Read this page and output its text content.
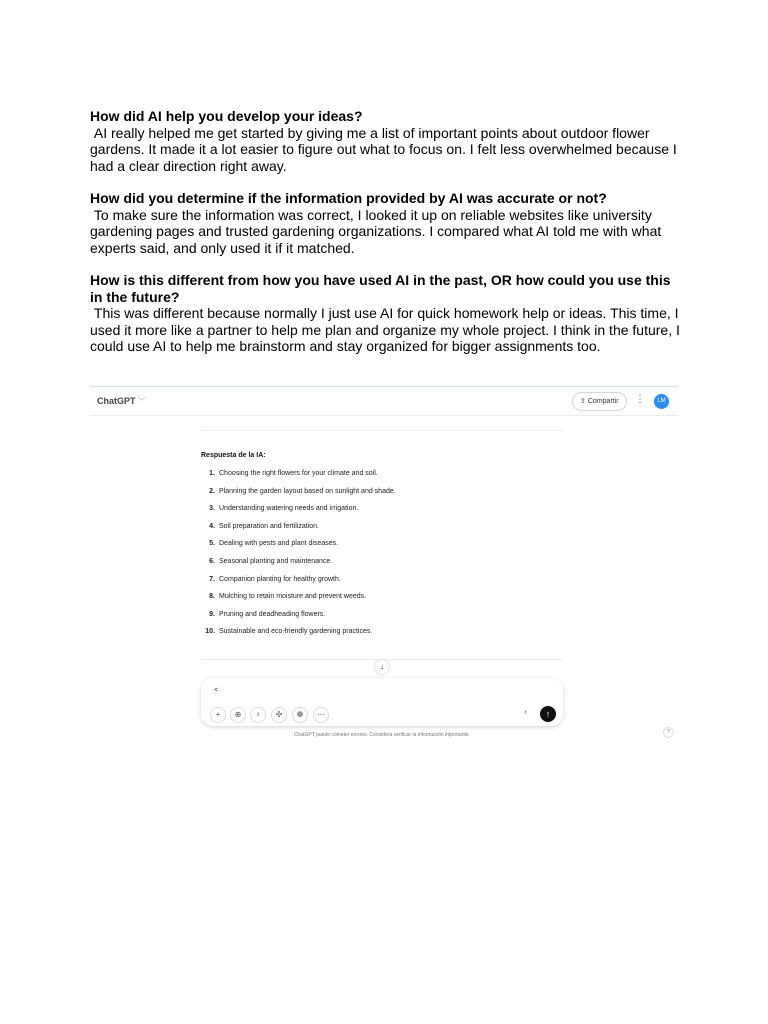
How did AI help you develop your ideas?

AI really helped me get started by giving me a list of important points about outdoor flower gardens. It made it a lot easier to figure out what to focus on. I felt less overwhelmed because I had a clear direction right away.

How did you determine if the information provided by AI was accurate or not?

To make sure the information was correct, I looked it up on reliable websites like university gardening pages and trusted gardening organizations. I compared what AI told me with what experts said, and only used it if it matched.

How is this different from how you have used AI in the past, OR how could you use this in the future?

This was different because normally I just use AI for quick homework help or ideas. This time, I used it more like a partner to help me plan and organize my whole project. I think in the future, I could use AI to help me brainstorm and stay organized for bigger assignments too.

ChatGPT ﹀	⇪ Compartir	⋮	LM
Respuesta de la IA:
1. Choosing the right flowers for your climate and soil.
2. Planning the garden layout based on sunlight and shade.
3. Understanding watering needs and irrigation.
4. Soil preparation and fertilization.
5. Dealing with pests and plant diseases.
6. Seasonal planting and maintenance.
7. Companion planting for healthy growth.
8. Mulching to retain moisture and prevent weeds.
9. Pruning and deadheading flowers.
10. Sustainable and eco-friendly gardening practices.
↓
<
+	⊕	♀	✣	❁	⋯	♁	↑
ChatGPT puede cometer errores. Considera verificar la información importante.	?
